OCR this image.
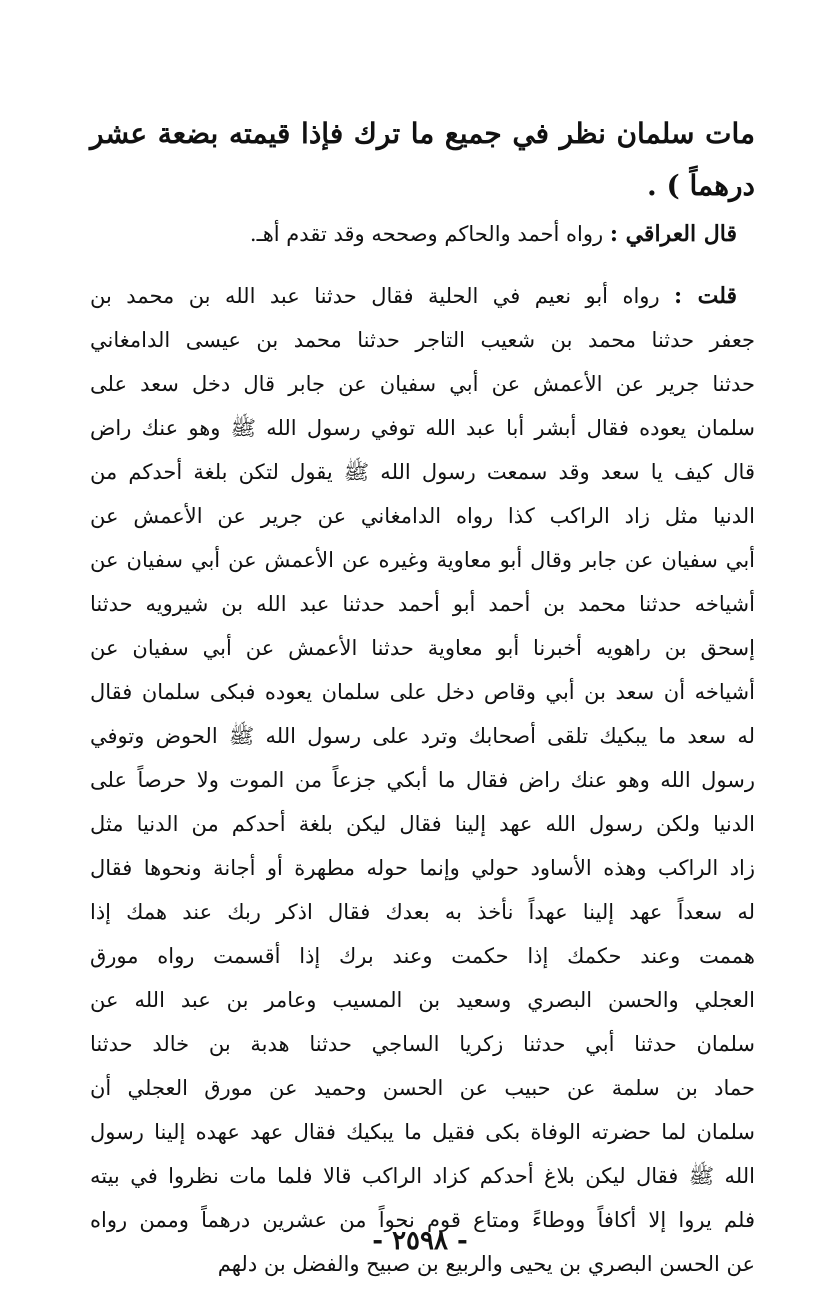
مات سلمان نظر في جميع ما ترك فإذا قيمته بضعة عشر
درهماً ) .
قال العراقي : رواه أحمد والحاكم وصححه وقد تقدم أهـ.
قلت : رواه أبو نعيم في الحلية فقال حدثنا عبد الله بن محمد بن
جعفر حدثنا محمد بن شعيب التاجر حدثنا محمد بن عيسى الدامغاني
حدثنا جرير عن الأعمش عن أبي سفيان عن جابر قال دخل سعد على
سلمان يعوده فقال أبشر أبا عبد الله توفي رسول الله ﷺ وهو عنك راض
قال كيف يا سعد وقد سمعت رسول الله ﷺ يقول لتكن بلغة أحدكم من
الدنيا مثل زاد الراكب كذا رواه الدامغاني عن جرير عن الأعمش عن
أبي سفيان عن جابر وقال أبو معاوية وغيره عن الأعمش عن أبي سفيان عن
أشياخه حدثنا محمد بن أحمد أبو أحمد حدثنا عبد الله بن شيرويه حدثنا
إسحق بن راهويه أخبرنا أبو معاوية حدثنا الأعمش عن أبي سفيان عن
أشياخه أن سعد بن أبي وقاص دخل على سلمان يعوده فبكى سلمان فقال
له سعد ما يبكيك تلقى أصحابك وترد على رسول الله ﷺ الحوض وتوفي
رسول الله وهو عنك راض فقال ما أبكي جزعاً من الموت ولا حرصاً على
الدنيا ولكن رسول الله عهد إلينا فقال ليكن بلغة أحدكم من الدنيا مثل
زاد الراكب وهذه الأساود حولي وإنما حوله مطهرة أو أجانة ونحوها فقال
له سعداً عهد إلينا عهداً نأخذ به بعدك فقال اذكر ربك عند همك إذا
هممت وعند حكمك إذا حكمت وعند برك إذا أقسمت رواه مورق
العجلي والحسن البصري وسعيد بن المسيب وعامر بن عبد الله عن
سلمان حدثنا أبي حدثنا زكريا الساجي حدثنا هدبة بن خالد حدثنا
حماد بن سلمة عن حبيب عن الحسن وحميد عن مورق العجلي أن
سلمان لما حضرته الوفاة بكى فقيل ما يبكيك فقال عهد عهده إلينا رسول
الله ﷺ فقال ليكن بلاغ أحدكم كزاد الراكب قالا فلما مات نظروا في بيته
فلم يروا إلا أكافاً ووطاءً ومتاع قوم نحواً من عشرين درهماً وممن رواه
عن الحسن البصري بن يحيى والربيع بن صبيح والفضل بن دلهم
- ٢٥٩٨ -
